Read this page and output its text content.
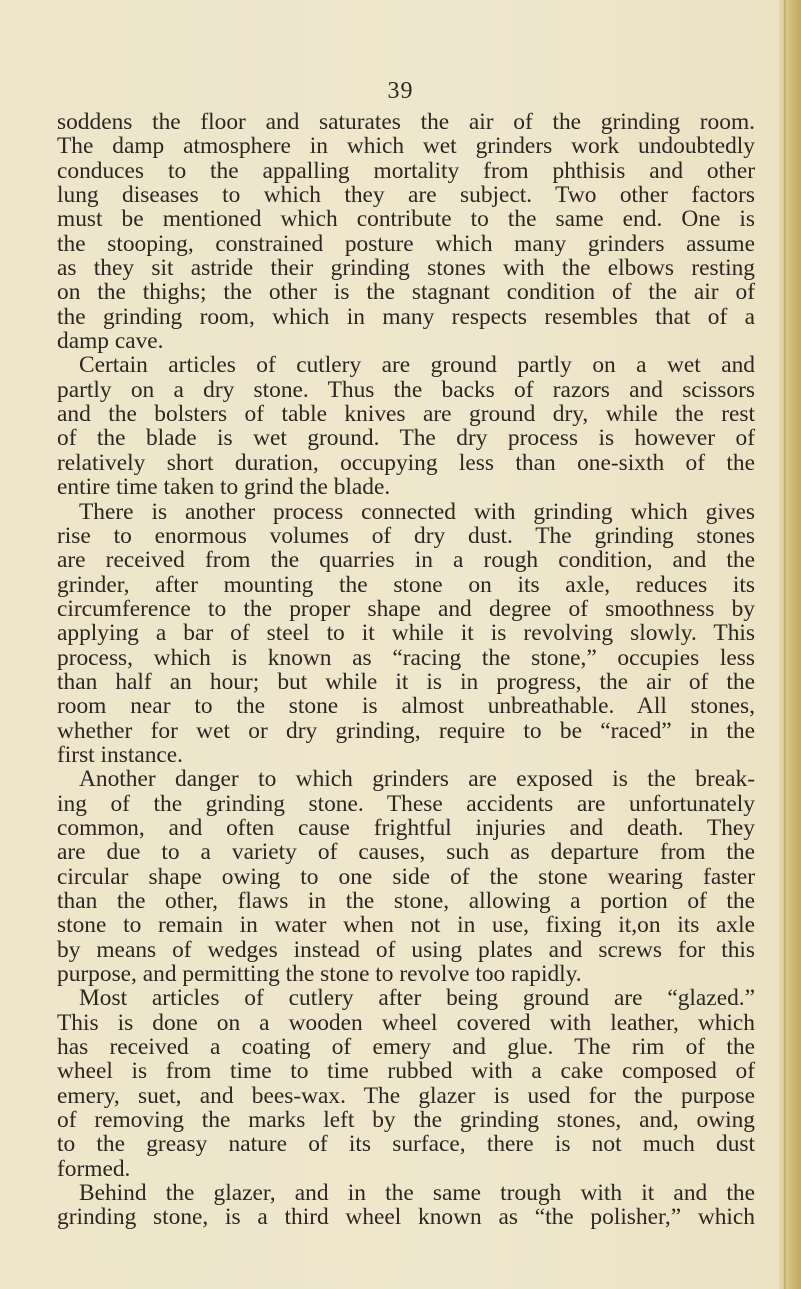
39
soddens the floor and saturates the air of the grinding room.
The damp atmosphere in which wet grinders work undoubtedly
conduces to the appalling mortality from phthisis and other
lung diseases to which they are subject. Two other factors
must be mentioned which contribute to the same end. One is
the stooping, constrained posture which many grinders assume
as they sit astride their grinding stones with the elbows resting
on the thighs; the other is the stagnant condition of the air of
the grinding room, which in many respects resembles that of a
damp cave.
Certain articles of cutlery are ground partly on a wet and
partly on a dry stone. Thus the backs of razors and scissors
and the bolsters of table knives are ground dry, while the rest
of the blade is wet ground. The dry process is however of
relatively short duration, occupying less than one-sixth of the
entire time taken to grind the blade.
There is another process connected with grinding which gives
rise to enormous volumes of dry dust. The grinding stones
are received from the quarries in a rough condition, and the
grinder, after mounting the stone on its axle, reduces its
circumference to the proper shape and degree of smoothness by
applying a bar of steel to it while it is revolving slowly. This
process, which is known as “racing the stone,” occupies less
than half an hour; but while it is in progress, the air of the
room near to the stone is almost unbreathable. All stones,
whether for wet or dry grinding, require to be “raced” in the
first instance.
Another danger to which grinders are exposed is the break-
ing of the grinding stone. These accidents are unfortunately
common, and often cause frightful injuries and death. They
are due to a variety of causes, such as departure from the
circular shape owing to one side of the stone wearing faster
than the other, flaws in the stone, allowing a portion of the
stone to remain in water when not in use, fixing it,on its axle
by means of wedges instead of using plates and screws for this
purpose, and permitting the stone to revolve too rapidly.
Most articles of cutlery after being ground are “glazed.”
This is done on a wooden wheel covered with leather, which
has received a coating of emery and glue. The rim of the
wheel is from time to time rubbed with a cake composed of
emery, suet, and bees-wax. The glazer is used for the purpose
of removing the marks left by the grinding stones, and, owing
to the greasy nature of its surface, there is not much dust
formed.
Behind the glazer, and in the same trough with it and the
grinding stone, is a third wheel known as “the polisher,” which
